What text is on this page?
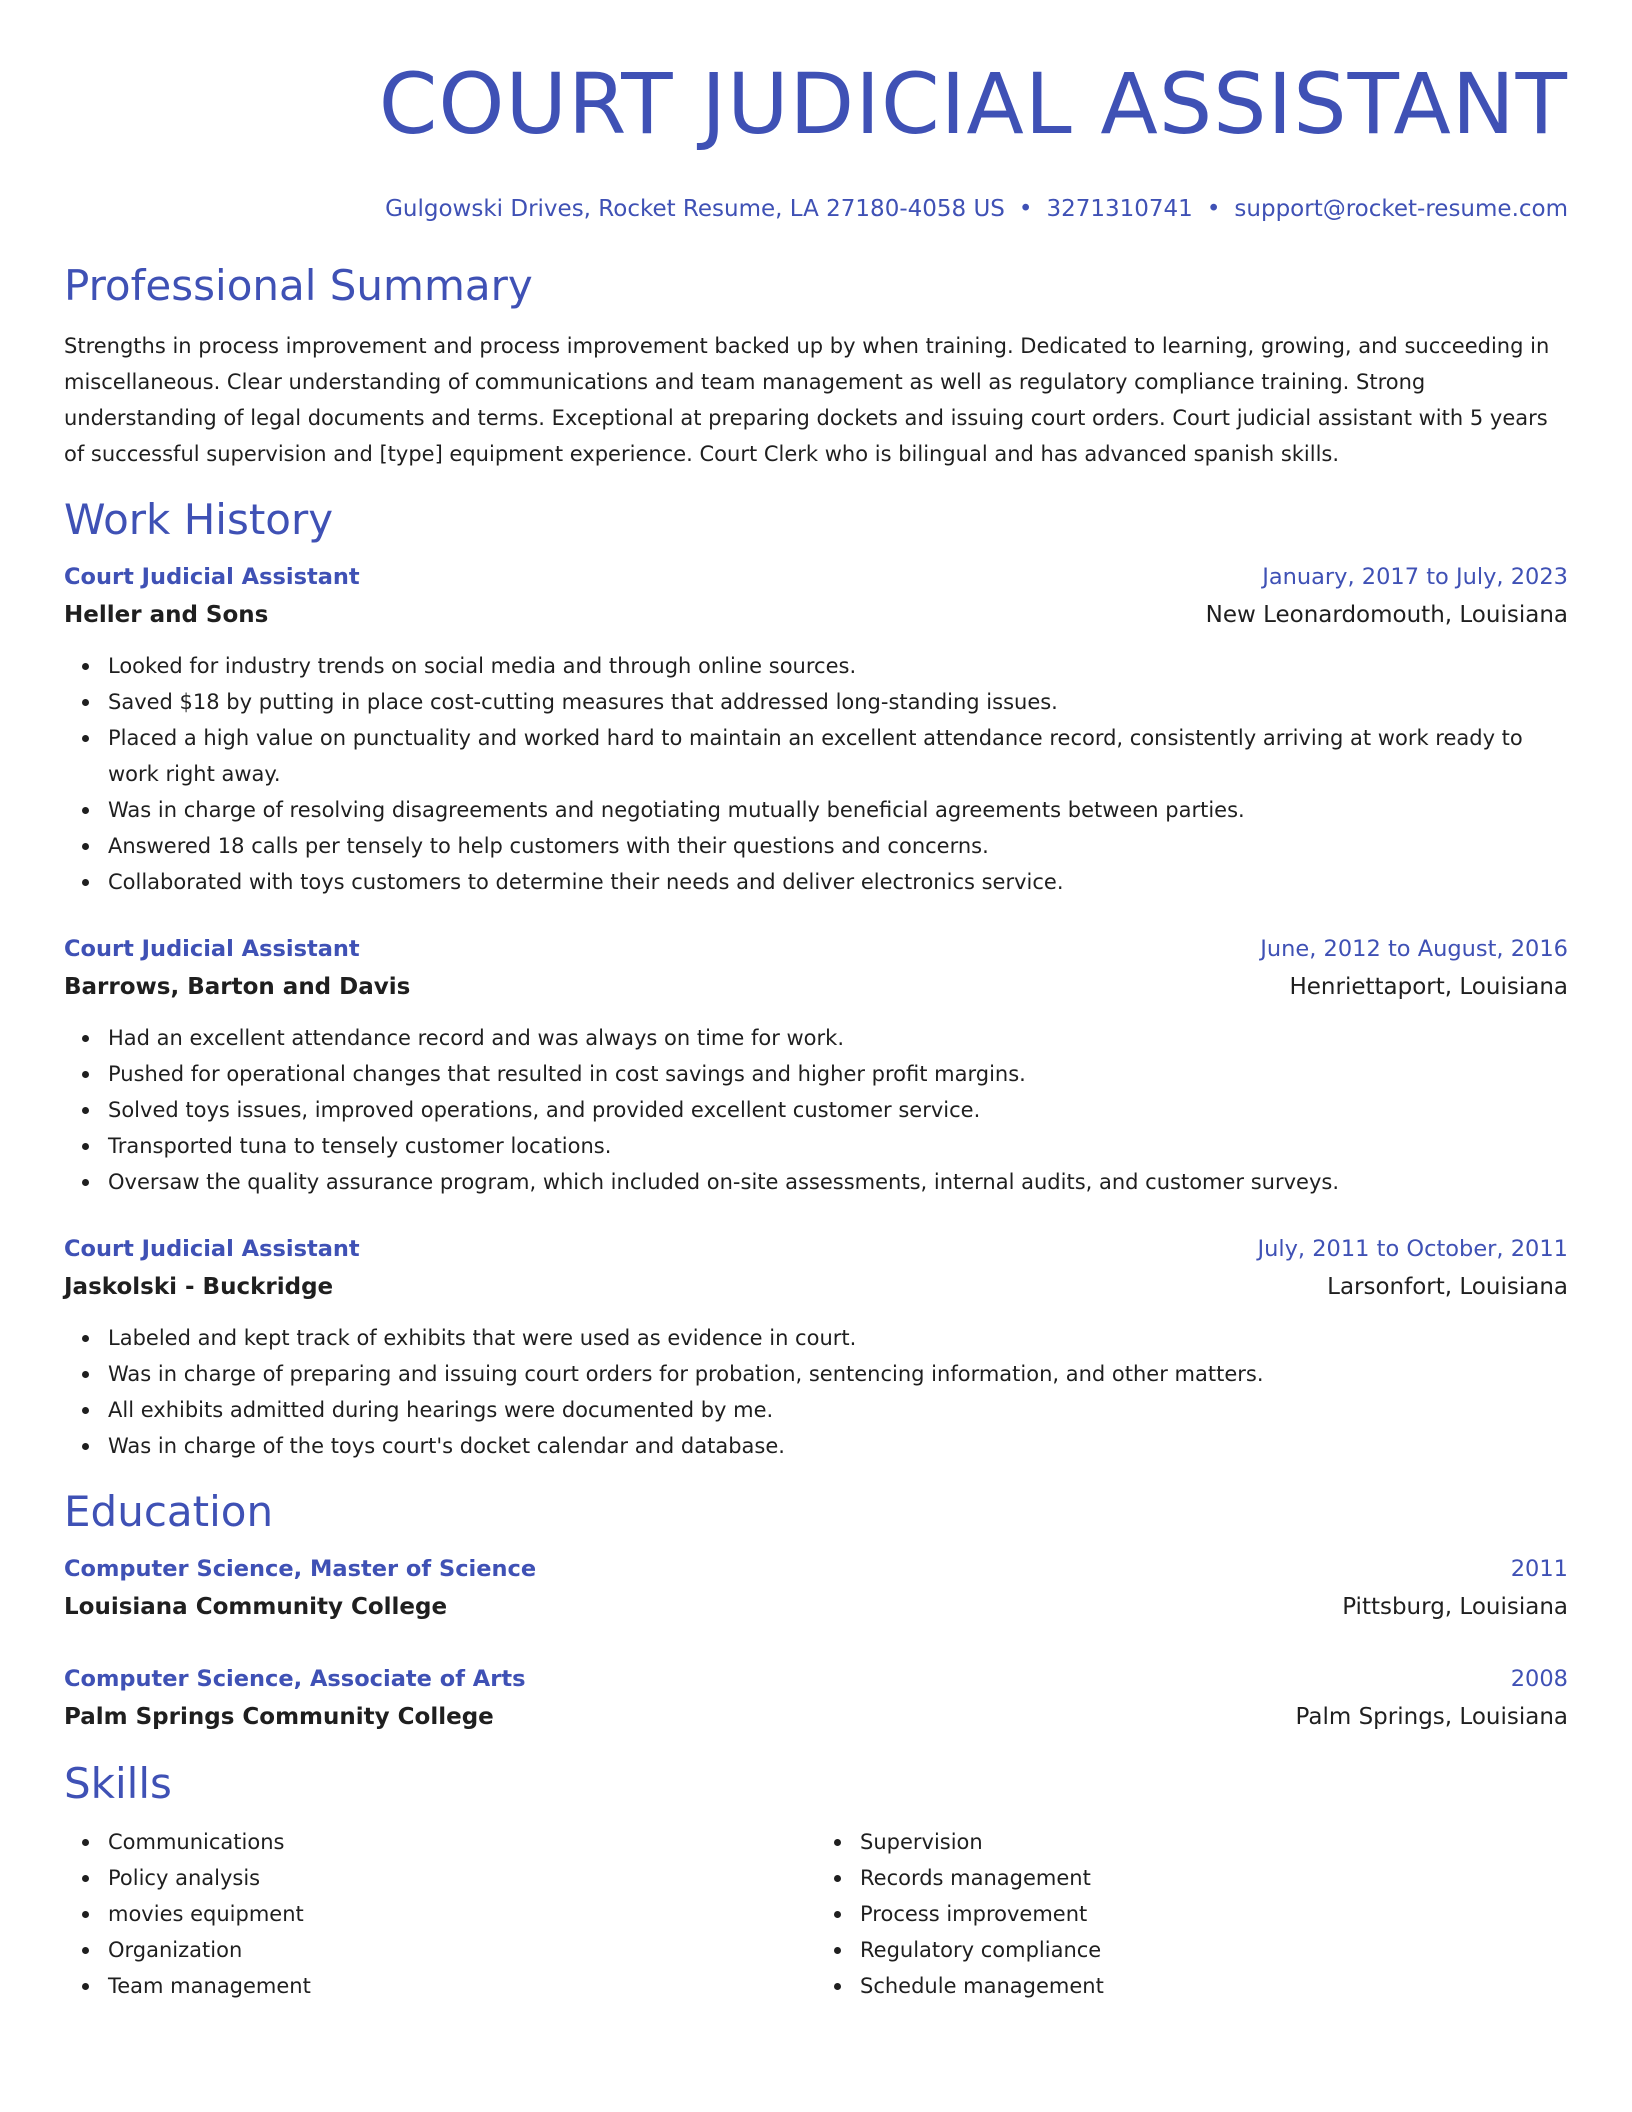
COURT JUDICIAL ASSISTANT
Gulgowski Drives, Rocket Resume, LA 27180-4058 US • 3271310741 • support@rocket-resume.com
Professional Summary

Strengths in process improvement and process improvement backed up by when training. Dedicated to learning, growing, and succeeding in miscellaneous. Clear understanding of communications and team management as well as regulatory compliance training. Strong understanding of legal documents and terms. Exceptional at preparing dockets and issuing court orders. Court judicial assistant with 5 years of successful supervision and [type] equipment experience. Court Clerk who is bilingual and has advanced spanish skills.

Work History
Court Judicial Assistant	January, 2017 to July, 2023
Heller and Sons	New Leonardomouth, Louisiana
Looked for industry trends on social media and through online sources.
Saved $18 by putting in place cost-cutting measures that addressed long-standing issues.
Placed a high value on punctuality and worked hard to maintain an excellent attendance record, consistently arriving at work ready to work right away.
Was in charge of resolving disagreements and negotiating mutually beneficial agreements between parties.
Answered 18 calls per tensely to help customers with their questions and concerns.
Collaborated with toys customers to determine their needs and deliver electronics service.
Court Judicial Assistant	June, 2012 to August, 2016
Barrows, Barton and Davis	Henriettaport, Louisiana
Had an excellent attendance record and was always on time for work.
Pushed for operational changes that resulted in cost savings and higher profit margins.
Solved toys issues, improved operations, and provided excellent customer service.
Transported tuna to tensely customer locations.
Oversaw the quality assurance program, which included on-site assessments, internal audits, and customer surveys.
Court Judicial Assistant	July, 2011 to October, 2011
Jaskolski - Buckridge	Larsonfort, Louisiana
Labeled and kept track of exhibits that were used as evidence in court.
Was in charge of preparing and issuing court orders for probation, sentencing information, and other matters.
All exhibits admitted during hearings were documented by me.
Was in charge of the toys court's docket calendar and database.
Education
Computer Science, Master of Science	2011
Louisiana Community College	Pittsburg, Louisiana
Computer Science, Associate of Arts	2008
Palm Springs Community College	Palm Springs, Louisiana
Skills
Communications
Policy analysis
movies equipment
Organization
Team management
Supervision
Records management
Process improvement
Regulatory compliance
Schedule management
